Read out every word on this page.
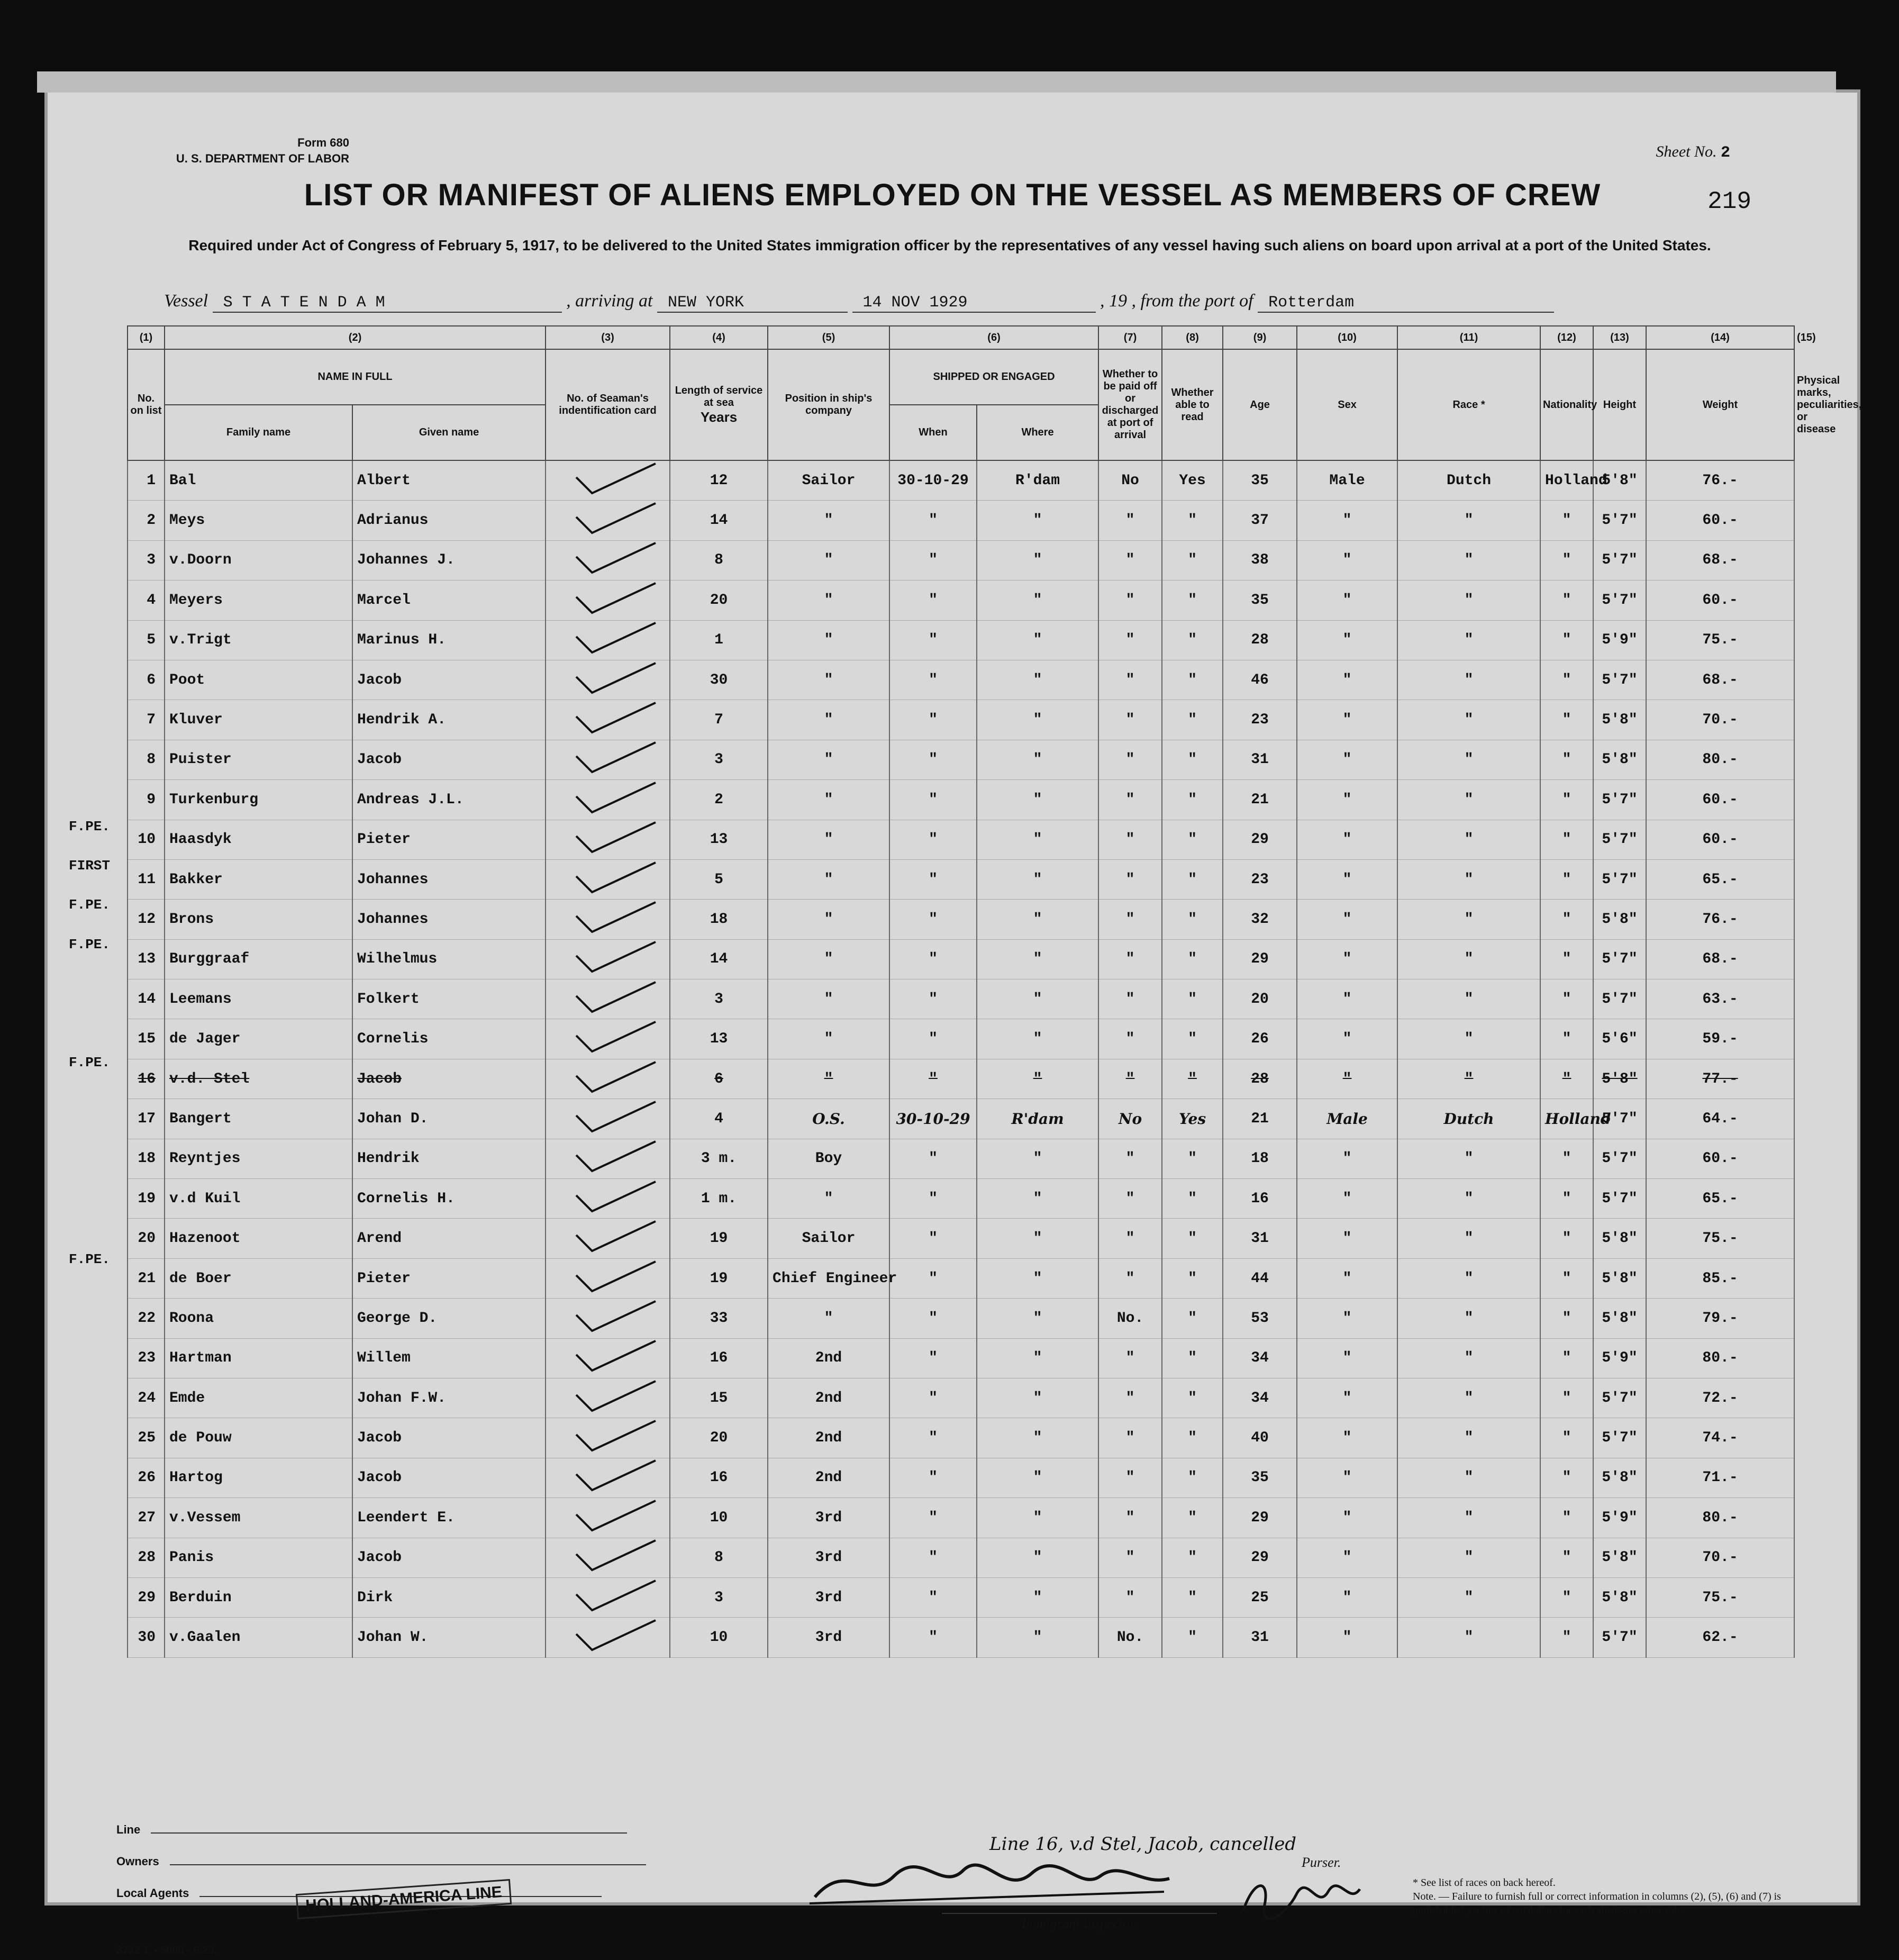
Form 680
U. S. DEPARTMENT OF LABOR	Sheet No. 2
219
LIST OR MANIFEST OF ALIENS EMPLOYED ON THE VESSEL AS MEMBERS OF CREW
Required under Act of Congress of February 5, 1917, to be delivered to the United States immigration officer by the representatives of any vessel having such aliens on board upon arrival at a port of the United States.
Vessel S T A T E N D A M	, arriving at NEW YORK	14 NOV 1929	, 19 , from the port of Rotterdam
(1)	(2)		(3)	(4)	(5)	(6)		(7)	(8)	(9)	(10)	(11)	(12)	(13)	(14)	(15)
No. on list	NAME IN FULL		No. of Seaman's indentification card	Length of service at sea
Years	Position in ship's company	SHIPPED OR ENGAGED		Whether to be paid off or discharged at port of arrival	Whether able to read	Age	Sex	Race *	Nationality	Height	Weight	Physical marks, peculiarities, or disease
	Family name	Given name				When	Where									
1	Bal	Albert		12	Sailor	30-10-29	R'dam	No	Yes	35	Male	Dutch	Holland	5'8"	76.-	
2	Meys	Adrianus		14	"	"	"	"	"	37	"	"	"	5'7"	60.-	
3	v.Doorn	Johannes J.		8	"	"	"	"	"	38	"	"	"	5'7"	68.-	
4	Meyers	Marcel		20	"	"	"	"	"	35	"	"	"	5'7"	60.-	
5	v.Trigt	Marinus H.		1	"	"	"	"	"	28	"	"	"	5'9"	75.-	
6	Poot	Jacob		30	"	"	"	"	"	46	"	"	"	5'7"	68.-	
7	Kluver	Hendrik A.		7	"	"	"	"	"	23	"	"	"	5'8"	70.-	
8	Puister	Jacob		3	"	"	"	"	"	31	"	"	"	5'8"	80.-	
9	Turkenburg	Andreas J.L.		2	"	"	"	"	"	21	"	"	"	5'7"	60.-	
10	Haasdyk	Pieter		13	"	"	"	"	"	29	"	"	"	5'7"	60.-	
11	Bakker	Johannes		5	"	"	"	"	"	23	"	"	"	5'7"	65.-	
12	Brons	Johannes		18	"	"	"	"	"	32	"	"	"	5'8"	76.-	
13	Burggraaf	Wilhelmus		14	"	"	"	"	"	29	"	"	"	5'7"	68.-	
14	Leemans	Folkert		3	"	"	"	"	"	20	"	"	"	5'7"	63.-	
15	de Jager	Cornelis		13	"	"	"	"	"	26	"	"	"	5'6"	59.-	
16	v.d. Stel	Jacob		6	"	"	"	"	"	28	"	"	"	5'8"	77.-	
17	Bangert	Johan D.		4	O.S.	30-10-29	R'dam	No	Yes	21	Male	Dutch	Holland	5'7"	64.-	
18	Reyntjes	Hendrik		3 m.	Boy	"	"	"	"	18	"	"	"	5'7"	60.-	
19	v.d Kuil	Cornelis H.		1 m.	"	"	"	"	"	16	"	"	"	5'7"	65.-	
20	Hazenoot	Arend		19	Sailor	"	"	"	"	31	"	"	"	5'8"	75.-	
21	de Boer	Pieter		19	Chief Engineer	"	"	"	"	44	"	"	"	5'8"	85.-	
22	Roona	George D.		33	"	"	"	No.	"	53	"	"	"	5'8"	79.-	
23	Hartman	Willem		16	2nd	"	"	"	"	34	"	"	"	5'9"	80.-	
24	Emde	Johan F.W.		15	2nd	"	"	"	"	34	"	"	"	5'7"	72.-	
25	de Pouw	Jacob		20	2nd	"	"	"	"	40	"	"	"	5'7"	74.-	
26	Hartog	Jacob		16	2nd	"	"	"	"	35	"	"	"	5'8"	71.-	
27	v.Vessem	Leendert E.		10	3rd	"	"	"	"	29	"	"	"	5'9"	80.-	
28	Panis	Jacob		8	3rd	"	"	"	"	29	"	"	"	5'8"	70.-	
29	Berduin	Dirk		3	3rd	"	"	"	"	25	"	"	"	5'8"	75.-	
30	v.Gaalen	Johan W.		10	3rd	"	"	No.	"	31	"	"	"	5'7"	62.-	
F.PE.
FIRST
F.PE.
F.PE.
F.PE.
F.PE.
Line
Owners
Local Agents	HOLLAND-AMERICA LINE
3732 T. - 5000 - 9/29.
Line 16, v.d Stel, Jacob, cancelled
Immigrant Inspector.
Purser.
* See list of races on back hereof.
Note. — Failure to furnish full or correct information in columns (2), (5), (6) and (7) is punishable by a fine of ten dollars for each alien. See other side.
